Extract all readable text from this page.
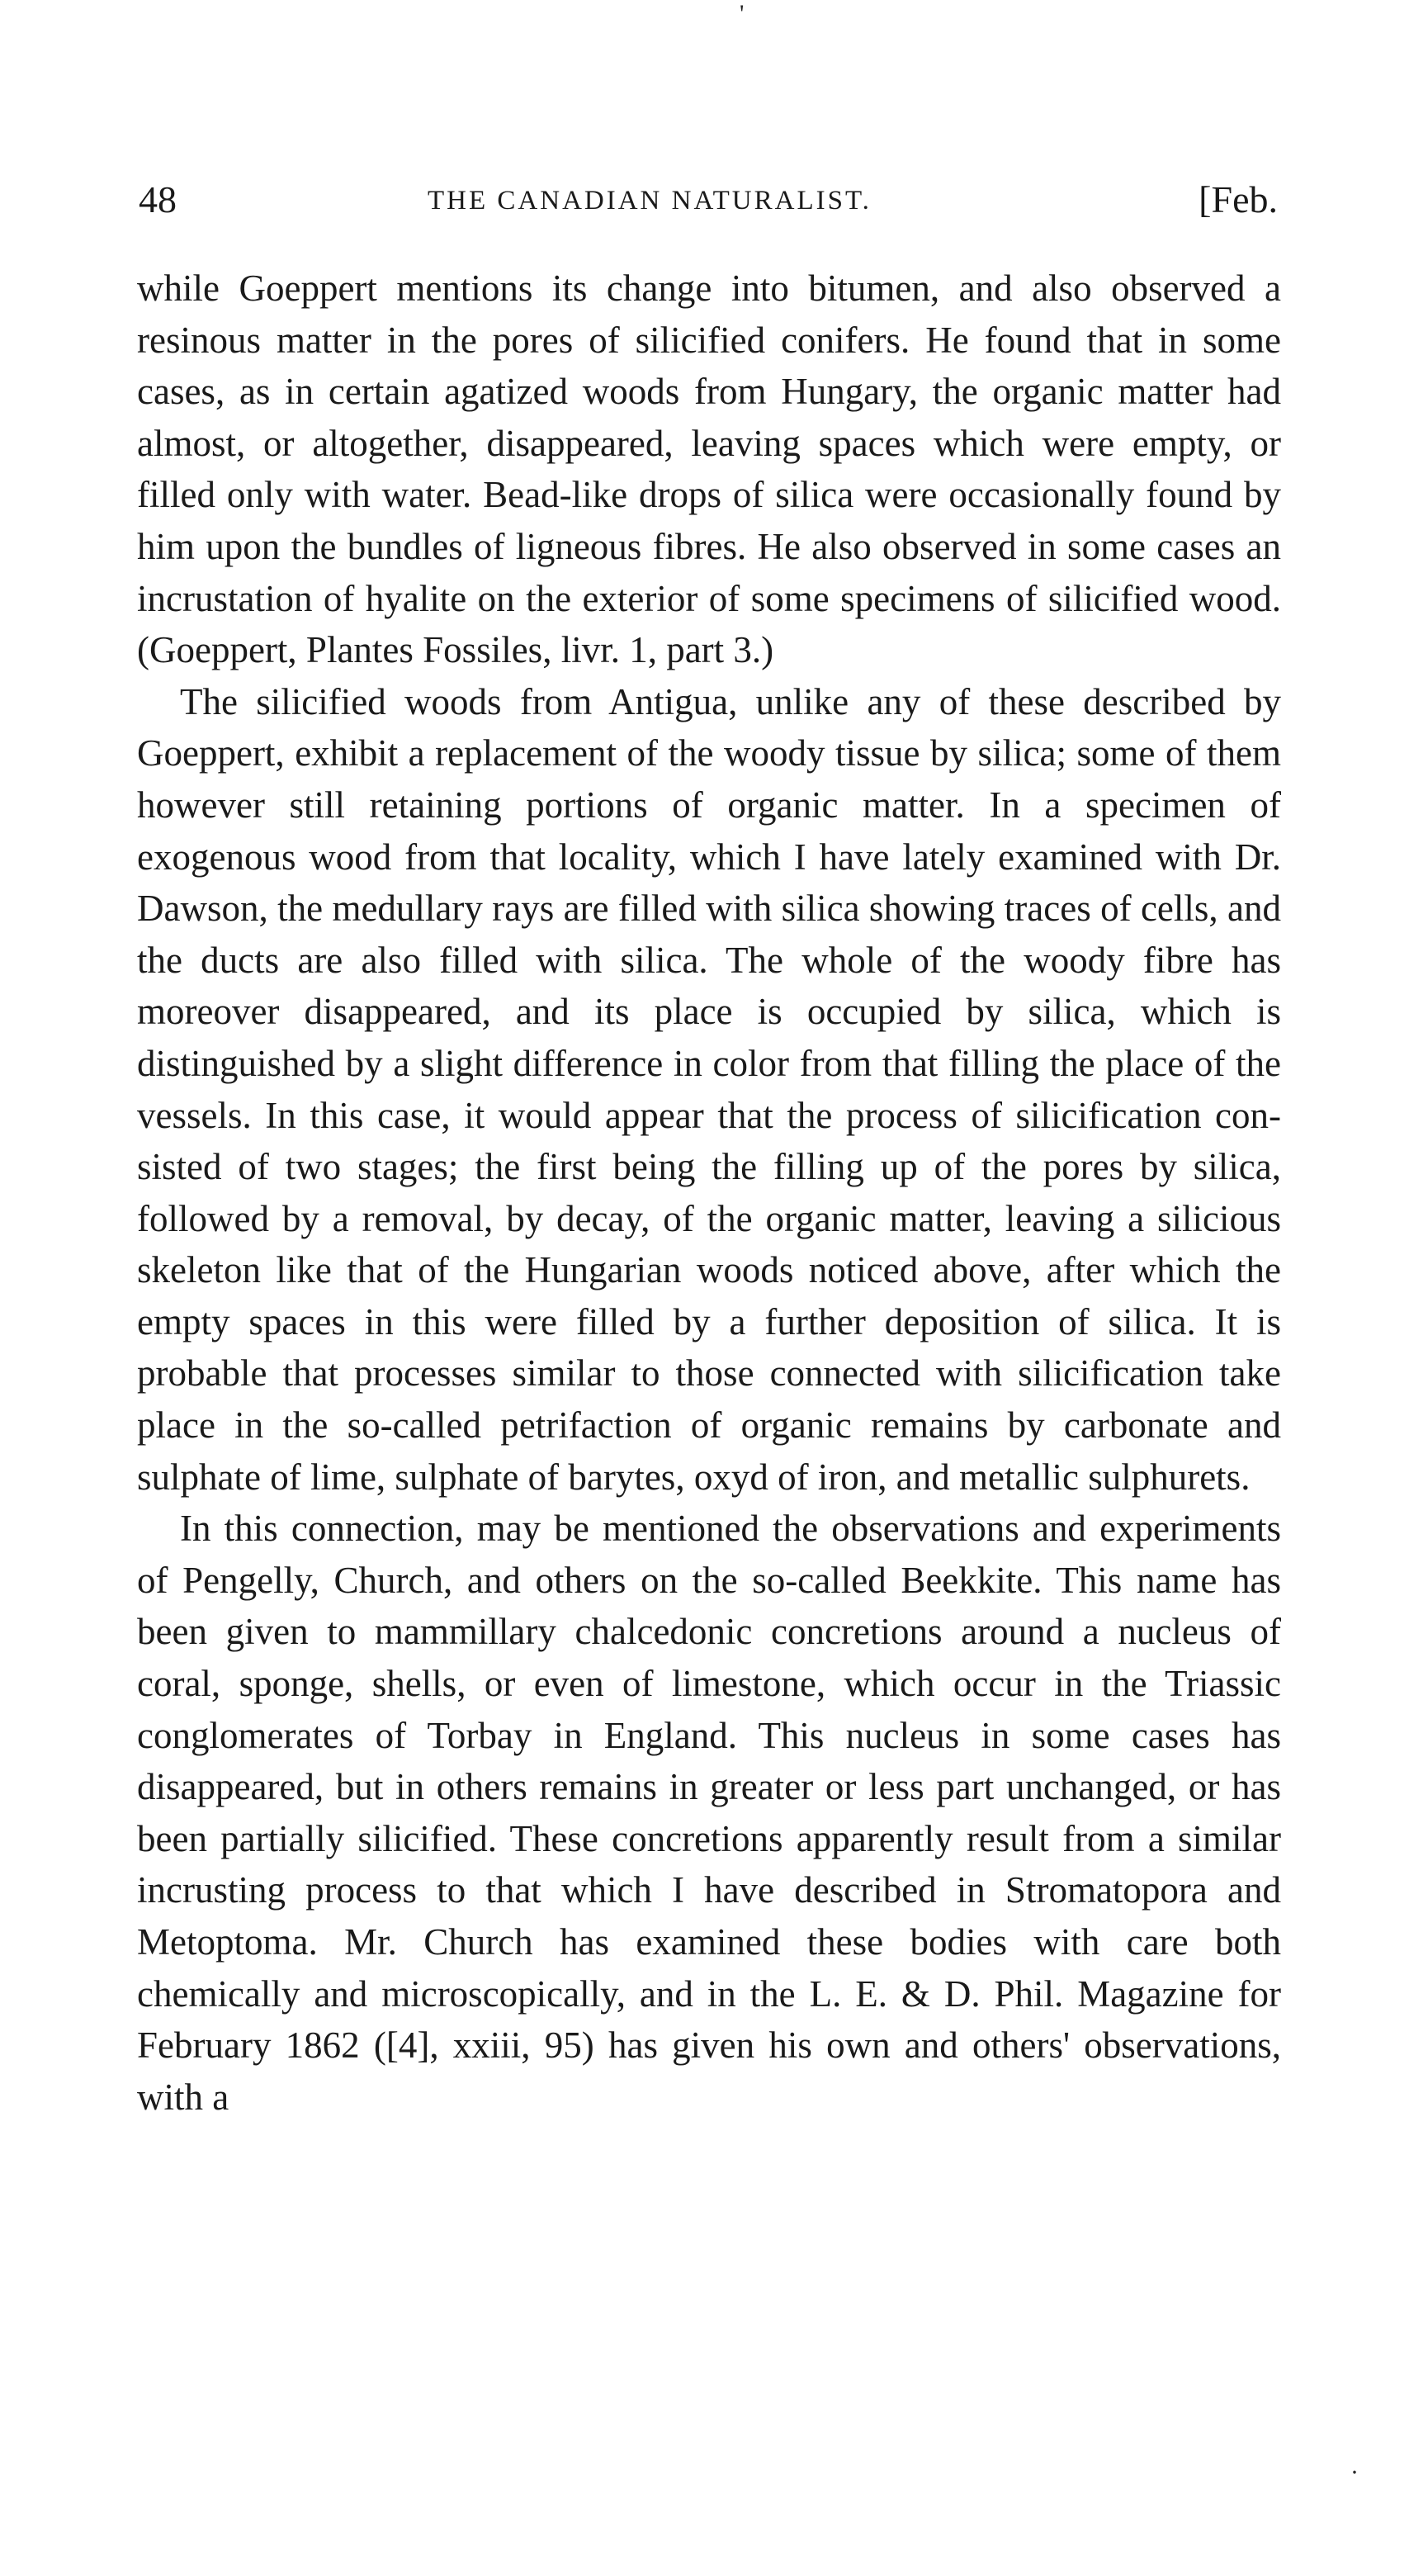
48	THE CANADIAN NATURALIST.	[Feb.

while Goeppert mentions its change into bitumen, and also observed a resinous matter in the pores of silicified conifers. He found that in some cases, as in certain agatized woods from Hungary, the organic matter had almost, or altogether, disappeared, leaving spaces which were empty, or filled only with water. Bead-like drops of silica were occasionally found by him upon the bundles of ligneous fibres. He also observed in some cases an incrustation of hyalite on the exterior of some specimens of silicified wood. (Goeppert, Plantes Fossiles, livr. 1, part 3.)

The silicified woods from Antigua, unlike any of these described by Goeppert, exhibit a replacement of the woody tissue by silica; some of them however still retaining portions of organic matter. In a specimen of exogenous wood from that locality, which I have lately examined with Dr. Dawson, the medullary rays are filled with silica showing traces of cells, and the ducts are also filled with silica. The whole of the woody fibre has moreover disappeared, and its place is occupied by silica, which is distinguished by a slight difference in color from that filling the place of the vessels. In this case, it would appear that the process of silicification consisted of two stages; the first being the filling up of the pores by silica, followed by a removal, by decay, of the organic matter, leaving a silicious skeleton like that of the Hungarian woods noticed above, after which the empty spaces in this were filled by a further deposition of silica. It is probable that processes similar to those connected with silicification take place in the so-called petrifaction of organic remains by carbonate and sulphate of lime, sulphate of barytes, oxyd of iron, and metallic sulphurets.

In this connection, may be mentioned the observations and experiments of Pengelly, Church, and others on the so-called Beekkite. This name has been given to mammillary chalcedonic concretions around a nucleus of coral, sponge, shells, or even of limestone, which occur in the Triassic conglomerates of Torbay in England. This nucleus in some cases has disappeared, but in others remains in greater or less part unchanged, or has been partially silicified. These concretions apparently result from a similar incrusting process to that which I have described in Stromatopora and Metoptoma. Mr. Church has examined these bodies with care both chemically and microscopically, and in the L. E. & D. Phil. Magazine for February 1862 ([4], xxiii, 95) has given his own and others' observations, with a

'
·
